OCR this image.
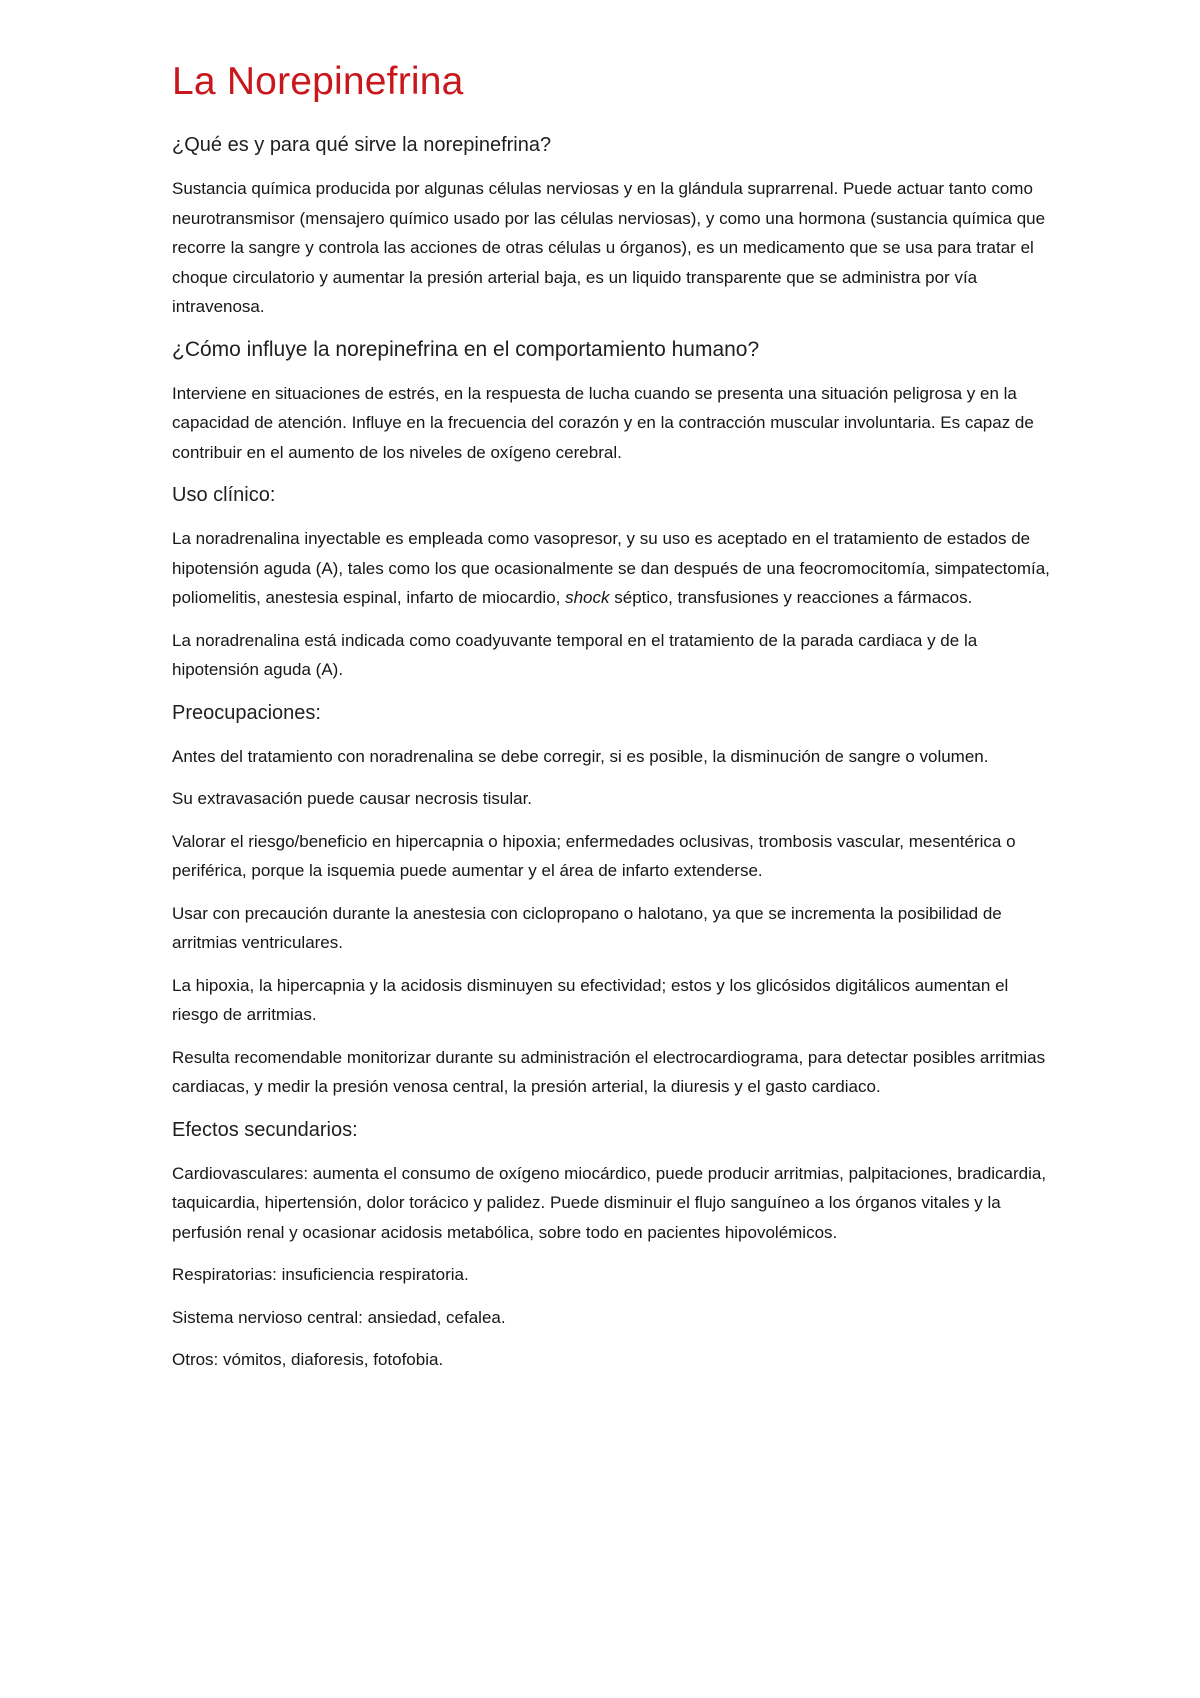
La Norepinefrina
¿Qué es y para qué sirve la norepinefrina?

Sustancia química producida por algunas células nerviosas y en la glándula suprarrenal. Puede actuar tanto como neurotransmisor (mensajero químico usado por las células nerviosas), y como una hormona (sustancia química que recorre la sangre y controla las acciones de otras células u órganos), es un medicamento que se usa para tratar el choque circulatorio y aumentar la presión arterial baja, es un liquido transparente que se administra por vía intravenosa.

¿Cómo influye la norepinefrina en el comportamiento humano?

Interviene en situaciones de estrés, en la respuesta de lucha cuando se presenta una situación peligrosa y en la capacidad de atención. Influye en la frecuencia del corazón y en la contracción muscular involuntaria. Es capaz de contribuir en el aumento de los niveles de oxígeno cerebral.

Uso clínico:

La noradrenalina inyectable es empleada como vasopresor, y su uso es aceptado en el tratamiento de estados de hipotensión aguda (A), tales como los que ocasionalmente se dan después de una feocromocitomía, simpatectomía, poliomelitis, anestesia espinal, infarto de miocardio, shock séptico, transfusiones y reacciones a fármacos.

La noradrenalina está indicada como coadyuvante temporal en el tratamiento de la parada cardiaca y de la hipotensión aguda (A).

Preocupaciones:

Antes del tratamiento con noradrenalina se debe corregir, si es posible, la disminución de sangre o volumen.

Su extravasación puede causar necrosis tisular.

Valorar el riesgo/beneficio en hipercapnia o hipoxia; enfermedades oclusivas, trombosis vascular, mesentérica o periférica, porque la isquemia puede aumentar y el área de infarto extenderse.

Usar con precaución durante la anestesia con ciclopropano o halotano, ya que se incrementa la posibilidad de arritmias ventriculares.

La hipoxia, la hipercapnia y la acidosis disminuyen su efectividad; estos y los glicósidos digitálicos aumentan el riesgo de arritmias.

Resulta recomendable monitorizar durante su administración el electrocardiograma, para detectar posibles arritmias cardiacas, y medir la presión venosa central, la presión arterial, la diuresis y el gasto cardiaco.

Efectos secundarios:

Cardiovasculares: aumenta el consumo de oxígeno miocárdico, puede producir arritmias, palpitaciones, bradicardia, taquicardia, hipertensión, dolor torácico y palidez. Puede disminuir el flujo sanguíneo a los órganos vitales y la perfusión renal y ocasionar acidosis metabólica, sobre todo en pacientes hipovolémicos.

Respiratorias: insuficiencia respiratoria.

Sistema nervioso central: ansiedad, cefalea.

Otros: vómitos, diaforesis, fotofobia.
